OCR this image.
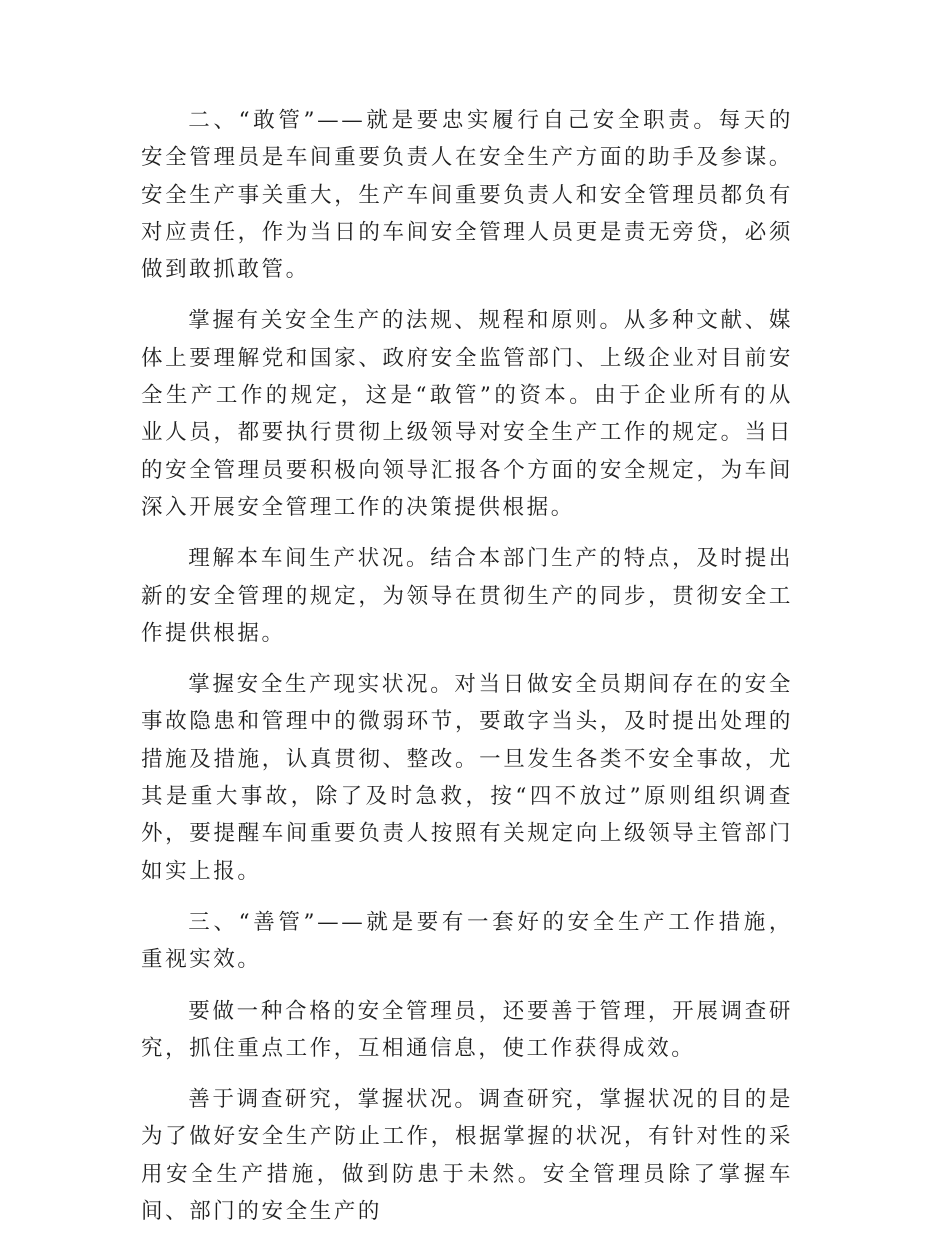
二、“敢管”——就是要忠实履行自己安全职责。每天的安全管理员是车间重要负责人在安全生产方面的助手及参谋。安全生产事关重大，生产车间重要负责人和安全管理员都负有对应责任，作为当日的车间安全管理人员更是责无旁贷，必须做到敢抓敢管。

掌握有关安全生产的法规、规程和原则。从多种文献、媒体上要理解党和国家、政府安全监管部门、上级企业对目前安全生产工作的规定，这是“敢管”的资本。由于企业所有的从业人员，都要执行贯彻上级领导对安全生产工作的规定。当日的安全管理员要积极向领导汇报各个方面的安全规定，为车间深入开展安全管理工作的决策提供根据。

理解本车间生产状况。结合本部门生产的特点，及时提出新的安全管理的规定，为领导在贯彻生产的同步，贯彻安全工作提供根据。

掌握安全生产现实状况。对当日做安全员期间存在的安全事故隐患和管理中的微弱环节，要敢字当头，及时提出处理的措施及措施，认真贯彻、整改。一旦发生各类不安全事故，尤其是重大事故，除了及时急救，按“四不放过”原则组织调查外，要提醒车间重要负责人按照有关规定向上级领导主管部门如实上报。

三、“善管”——就是要有一套好的安全生产工作措施，重视实效。

要做一种合格的安全管理员，还要善于管理，开展调查研究，抓住重点工作，互相通信息，使工作获得成效。

善于调查研究，掌握状况。调查研究，掌握状况的目的是为了做好安全生产防止工作，根据掌握的状况，有针对性的采用安全生产措施，做到防患于未然。安全管理员除了掌握车间、部门的安全生产的
